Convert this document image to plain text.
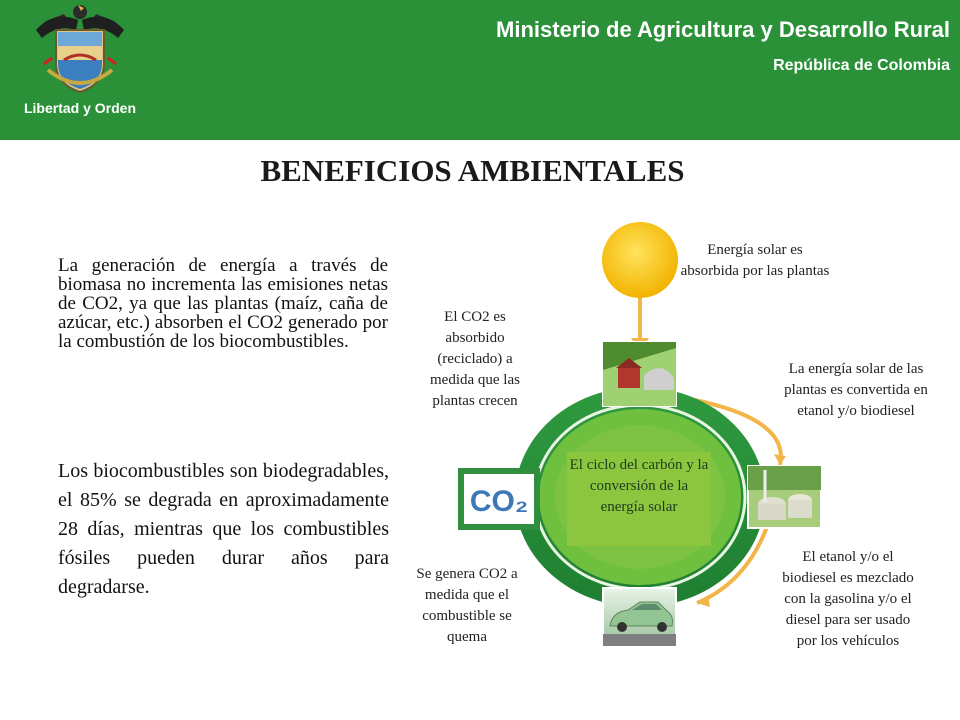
Libertad y Orden
Ministerio de Agricultura y Desarrollo Rural
República de Colombia
BENEFICIOS AMBIENTALES

La generación de energía a través de biomasa no incrementa las emisiones netas de CO2, ya que las plantas (maíz, caña de azúcar, etc.) absorben el CO2 generado por la combustión de los biocombustibles.

Los biocombustibles son biodegradables, el 85% se degrada en aproximadamente 28 días, mientras que los combustibles fósiles pueden durar años para degradarse.

CO₂
El ciclo del carbón y la conversión de la energía solar
Energía solar es absorbida por las plantas
El CO2 es absorbido (reciclado) a medida que las plantas crecen
La energía solar de las plantas es convertida en etanol y/o biodiesel
El etanol y/o el biodiesel es mezclado con la gasolina y/o el diesel para ser usado por los vehículos
Se genera CO2 a medida que el combustible se quema
